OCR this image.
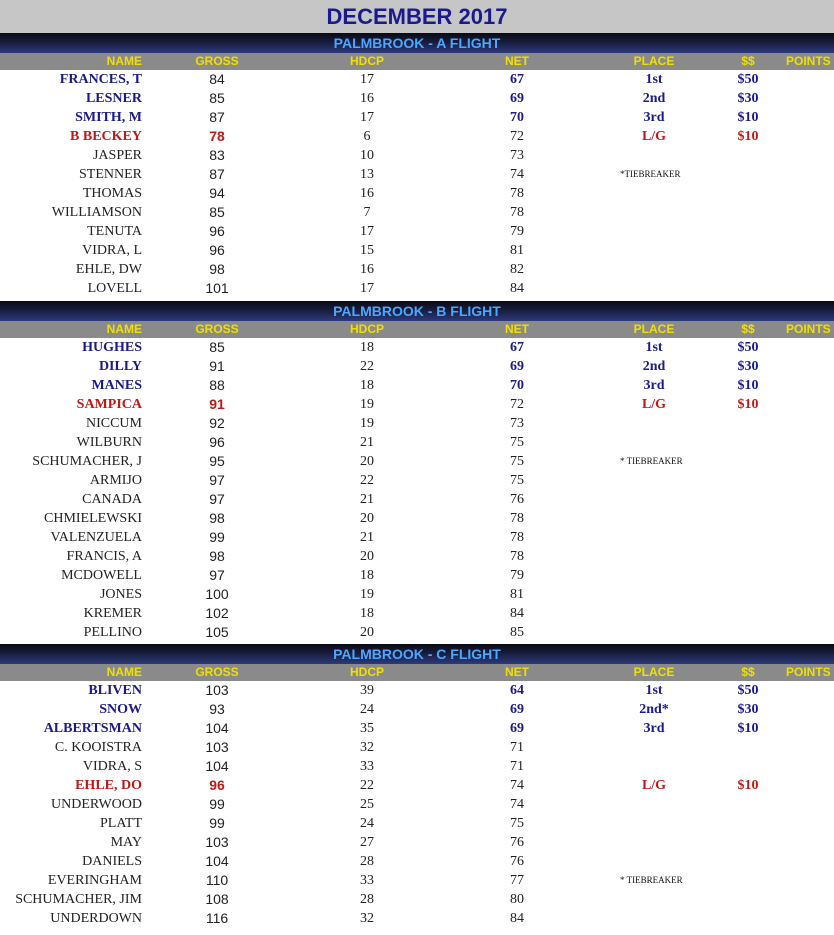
DECEMBER 2017
PALMBROOK - A FLIGHT
NAME	GROSS	HDCP	NET	PLACE	$$	POINTS
FRANCES, T	84	17	67	1st	$50
LESNER	85	16	69	2nd	$30
SMITH, M	87	17	70	3rd	$10
B BECKEY	78	6	72	L/G	$10
JASPER	83	10	73
STENNER	87	13	74	*TIEBREAKER
THOMAS	94	16	78
WILLIAMSON	85	7	78
TENUTA	96	17	79
VIDRA, L	96	15	81
EHLE, DW	98	16	82
LOVELL	101	17	84
PALMBROOK - B FLIGHT
NAME	GROSS	HDCP	NET	PLACE	$$	POINTS
HUGHES	85	18	67	1st	$50
DILLY	91	22	69	2nd	$30
MANES	88	18	70	3rd	$10
SAMPICA	91	19	72	L/G	$10
NICCUM	92	19	73
WILBURN	96	21	75
SCHUMACHER, J	95	20	75	* TIEBREAKER
ARMIJO	97	22	75
CANADA	97	21	76
CHMIELEWSKI	98	20	78
VALENZUELA	99	21	78
FRANCIS, A	98	20	78
MCDOWELL	97	18	79
JONES	100	19	81
KREMER	102	18	84
PELLINO	105	20	85
PALMBROOK - C FLIGHT
NAME	GROSS	HDCP	NET	PLACE	$$	POINTS
BLIVEN	103	39	64	1st	$50
SNOW	93	24	69	2nd*	$30
ALBERTSMAN	104	35	69	3rd	$10
C. KOOISTRA	103	32	71
VIDRA, S	104	33	71
EHLE, DO	96	22	74	L/G	$10
UNDERWOOD	99	25	74
PLATT	99	24	75
MAY	103	27	76
DANIELS	104	28	76
EVERINGHAM	110	33	77	* TIEBREAKER
SCHUMACHER, JIM	108	28	80
UNDERDOWN	116	32	84
